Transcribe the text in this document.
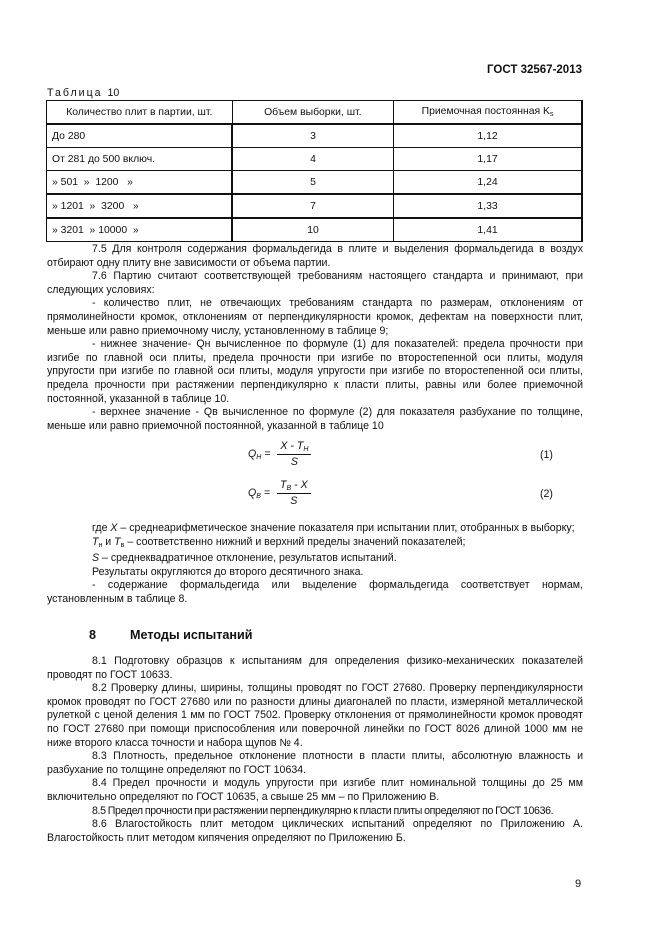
ГОСТ 32567-2013
Таблица 10
Количество плит в партии, шт.	Объем выборки, шт.	Приемочная постоянная $K_s$
До 280	3	1,12
От 281 до 500 включ.	4	1,17
» 501  »  1200   »	5	1,24
» 1201  »  3200   »	7	1,33
» 3201  » 10000  »	10	1,41

7.5 Для контроля содержания формальдегида в плите и выделения формальдегида в воздух отбирают одну плиту вне зависимости от объема партии.

7.6 Партию считают соответствующей требованиям настоящего стандарта и принимают, при следующих условиях:

- количество плит, не отвечающих требованиям стандарта по размерам, отклонениям от прямолинейности кромок, отклонениям от перпендикулярности кромок, дефектам на поверхности плит, меньше или равно приемочному числу, установленному в таблице 9;

- нижнее значение- Qн вычисленное по формуле (1) для показателей: предела прочности при изгибе по главной оси плиты, предела прочности при изгибе по второстепенной оси плиты, модуля упругости при изгибе по главной оси плиты, модуля упругости при изгибе по второстепенной оси плиты, предела прочности при растяжении перпендикулярно к пласти плиты, равны или более приемочной постоянной, указанной в таблице 10.

- верхнее значение - Qв вычисленное по формуле (2) для показателя разбухание по толщине, меньше или равно приемочной постоянной, указанной в таблице 10

$Q_Н = \frac{X - T_Н}{S}$	(1)
$Q_В = \frac{T_В - X}{S}$	(2)

где X – среднеарифметическое значение показателя при испытании плит, отобранных в выборку;

$T_н$ и $T_в$ – соответственно нижний и верхний пределы значений показателей;

S – среднеквадратичное отклонение, результатов испытаний.

Результаты округляются до второго десятичного знака.

- содержание формальдегида или выделение формальдегида соответствует нормам, установленным в таблице 8.

8	Методы испытаний

8.1 Подготовку образцов к испытаниям для определения физико-механических показателей проводят по ГОСТ 10633.

8.2 Проверку длины, ширины, толщины проводят по ГОСТ 27680. Проверку перпендикулярности кромок проводят по ГОСТ 27680 или по разности длины диагоналей по пласти, измеряной металлической рулеткой с ценой деления 1 мм по ГОСТ 7502. Проверку отклонения от прямолинейности кромок проводят по ГОСТ 27680 при помощи приспособления или поверочной линейки по ГОСТ 8026 длиной 1000 мм не ниже второго класса точности и набора щупов № 4.

8.3 Плотность, предельное отклонение плотности в пласти плиты, абсолютную влажность и разбухание по толщине определяют по ГОСТ 10634.

8.4 Предел прочности и модуль упругости при изгибе плит номинальной толщины до 25 мм включительно определяют по ГОСТ 10635, а свыше 25 мм – по Приложению В.

8.5 Предел прочности при растяжении перпендикулярно к пласти плиты определяют по ГОСТ 10636.

8.6 Влагостойкость плит методом циклических испытаний определяют по Приложению А. Влагостойкость плит методом кипячения определяют по Приложению Б.

9
